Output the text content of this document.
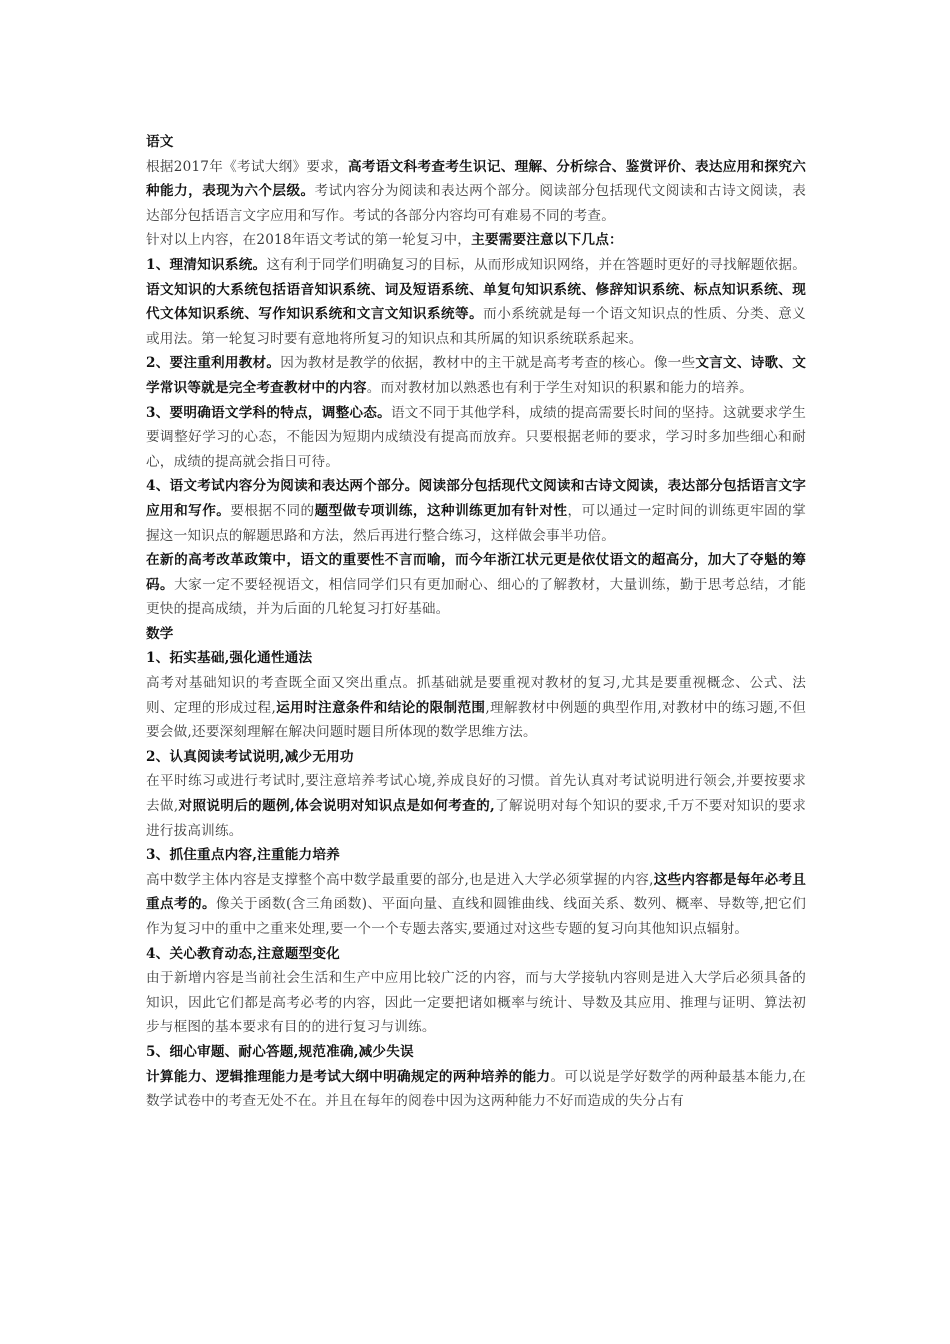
语文

根据2017年《考试大纲》要求，高考语文科考查考生识记、理解、分析综合、鉴赏评价、表达应用和探究六种能力，表现为六个层级。考试内容分为阅读和表达两个部分。阅读部分包括现代文阅读和古诗文阅读，表达部分包括语言文字应用和写作。考试的各部分内容均可有难易不同的考查。

针对以上内容，在2018年语文考试的第一轮复习中，主要需要注意以下几点：

1、理清知识系统。这有利于同学们明确复习的目标，从而形成知识网络，并在答题时更好的寻找解题依据。语文知识的大系统包括语音知识系统、词及短语系统、单复句知识系统、修辞知识系统、标点知识系统、现代文体知识系统、写作知识系统和文言文知识系统等。而小系统就是每一个语文知识点的性质、分类、意义或用法。第一轮复习时要有意地将所复习的知识点和其所属的知识系统联系起来。

2、要注重利用教材。因为教材是教学的依据，教材中的主干就是高考考查的核心。像一些文言文、诗歌、文学常识等就是完全考查教材中的内容。而对教材加以熟悉也有利于学生对知识的积累和能力的培养。

3、要明确语文学科的特点，调整心态。语文不同于其他学科，成绩的提高需要长时间的坚持。这就要求学生要调整好学习的心态，不能因为短期内成绩没有提高而放弃。只要根据老师的要求，学习时多加些细心和耐心，成绩的提高就会指日可待。

4、语文考试内容分为阅读和表达两个部分。阅读部分包括现代文阅读和古诗文阅读，表达部分包括语言文字应用和写作。要根据不同的题型做专项训练，这种训练更加有针对性，可以通过一定时间的训练更牢固的掌握这一知识点的解题思路和方法，然后再进行整合练习，这样做会事半功倍。

在新的高考改革政策中，语文的重要性不言而喻，而今年浙江状元更是依仗语文的超高分，加大了夺魁的筹码。大家一定不要轻视语文，相信同学们只有更加耐心、细心的了解教材，大量训练，勤于思考总结，才能更快的提高成绩，并为后面的几轮复习打好基础。

数学

1、拓实基础,强化通性通法

高考对基础知识的考查既全面又突出重点。抓基础就是要重视对教材的复习,尤其是要重视概念、公式、法则、定理的形成过程,运用时注意条件和结论的限制范围,理解教材中例题的典型作用,对教材中的练习题,不但要会做,还要深刻理解在解决问题时题目所体现的数学思维方法。

2、认真阅读考试说明,减少无用功

在平时练习或进行考试时,要注意培养考试心境,养成良好的习惯。首先认真对考试说明进行领会,并要按要求去做,对照说明后的题例,体会说明对知识点是如何考查的,了解说明对每个知识的要求,千万不要对知识的要求进行拔高训练。

3、抓住重点内容,注重能力培养

高中数学主体内容是支撑整个高中数学最重要的部分,也是进入大学必须掌握的内容,这些内容都是每年必考且重点考的。像关于函数(含三角函数)、平面向量、直线和圆锥曲线、线面关系、数列、概率、导数等,把它们作为复习中的重中之重来处理,要一个一个专题去落实,要通过对这些专题的复习向其他知识点辐射。

4、关心教育动态,注意题型变化

由于新增内容是当前社会生活和生产中应用比较广泛的内容，而与大学接轨内容则是进入大学后必须具备的知识，因此它们都是高考必考的内容，因此一定要把诸如概率与统计、导数及其应用、推理与证明、算法初步与框图的基本要求有目的的进行复习与训练。

5、细心审题、耐心答题,规范准确,减少失误

计算能力、逻辑推理能力是考试大纲中明确规定的两种培养的能力。可以说是学好数学的两种最基本能力,在数学试卷中的考查无处不在。并且在每年的阅卷中因为这两种能力不好而造成的失分占有
